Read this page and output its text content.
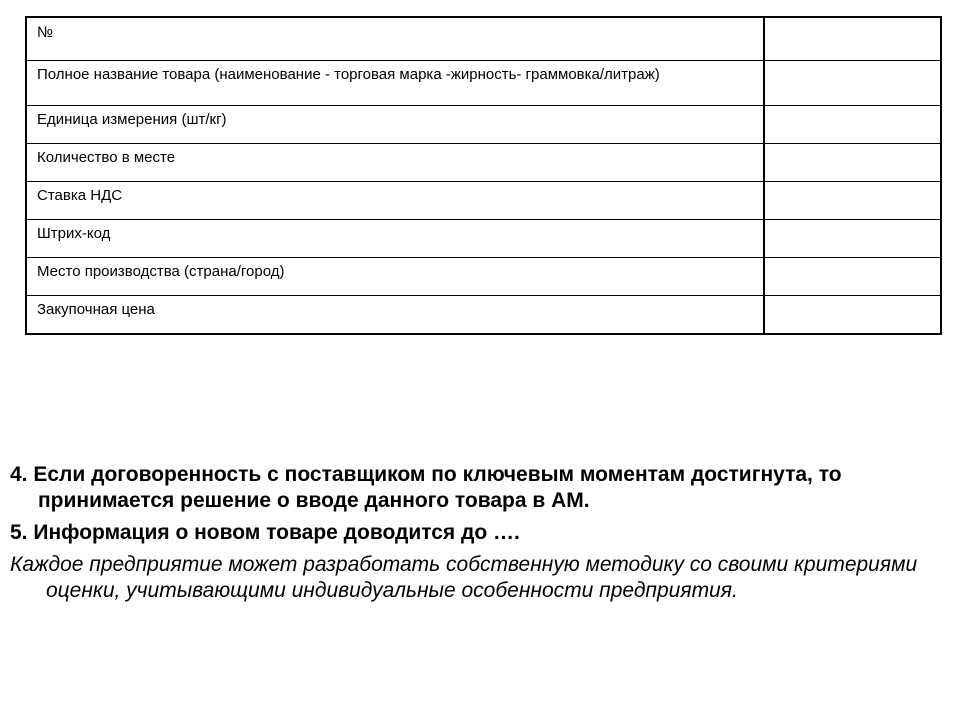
№	

Полное название товара (наименование - торговая марка -жирность- граммовка/литраж)	

Единица измерения (шт/кг)	

Количество в месте	

Ставка НДС	

Штрих-код	

Место производства (страна/город)	

Закупочная цена	

4. Если договоренность с поставщиком по ключевым моментам достигнута, то принимается решение о вводе данного товара в АМ.

5. Информация о новом товаре доводится до ….

Каждое предприятие может разработать собственную методику со своими критериями оценки, учитывающими индивидуальные особенности предприятия.
